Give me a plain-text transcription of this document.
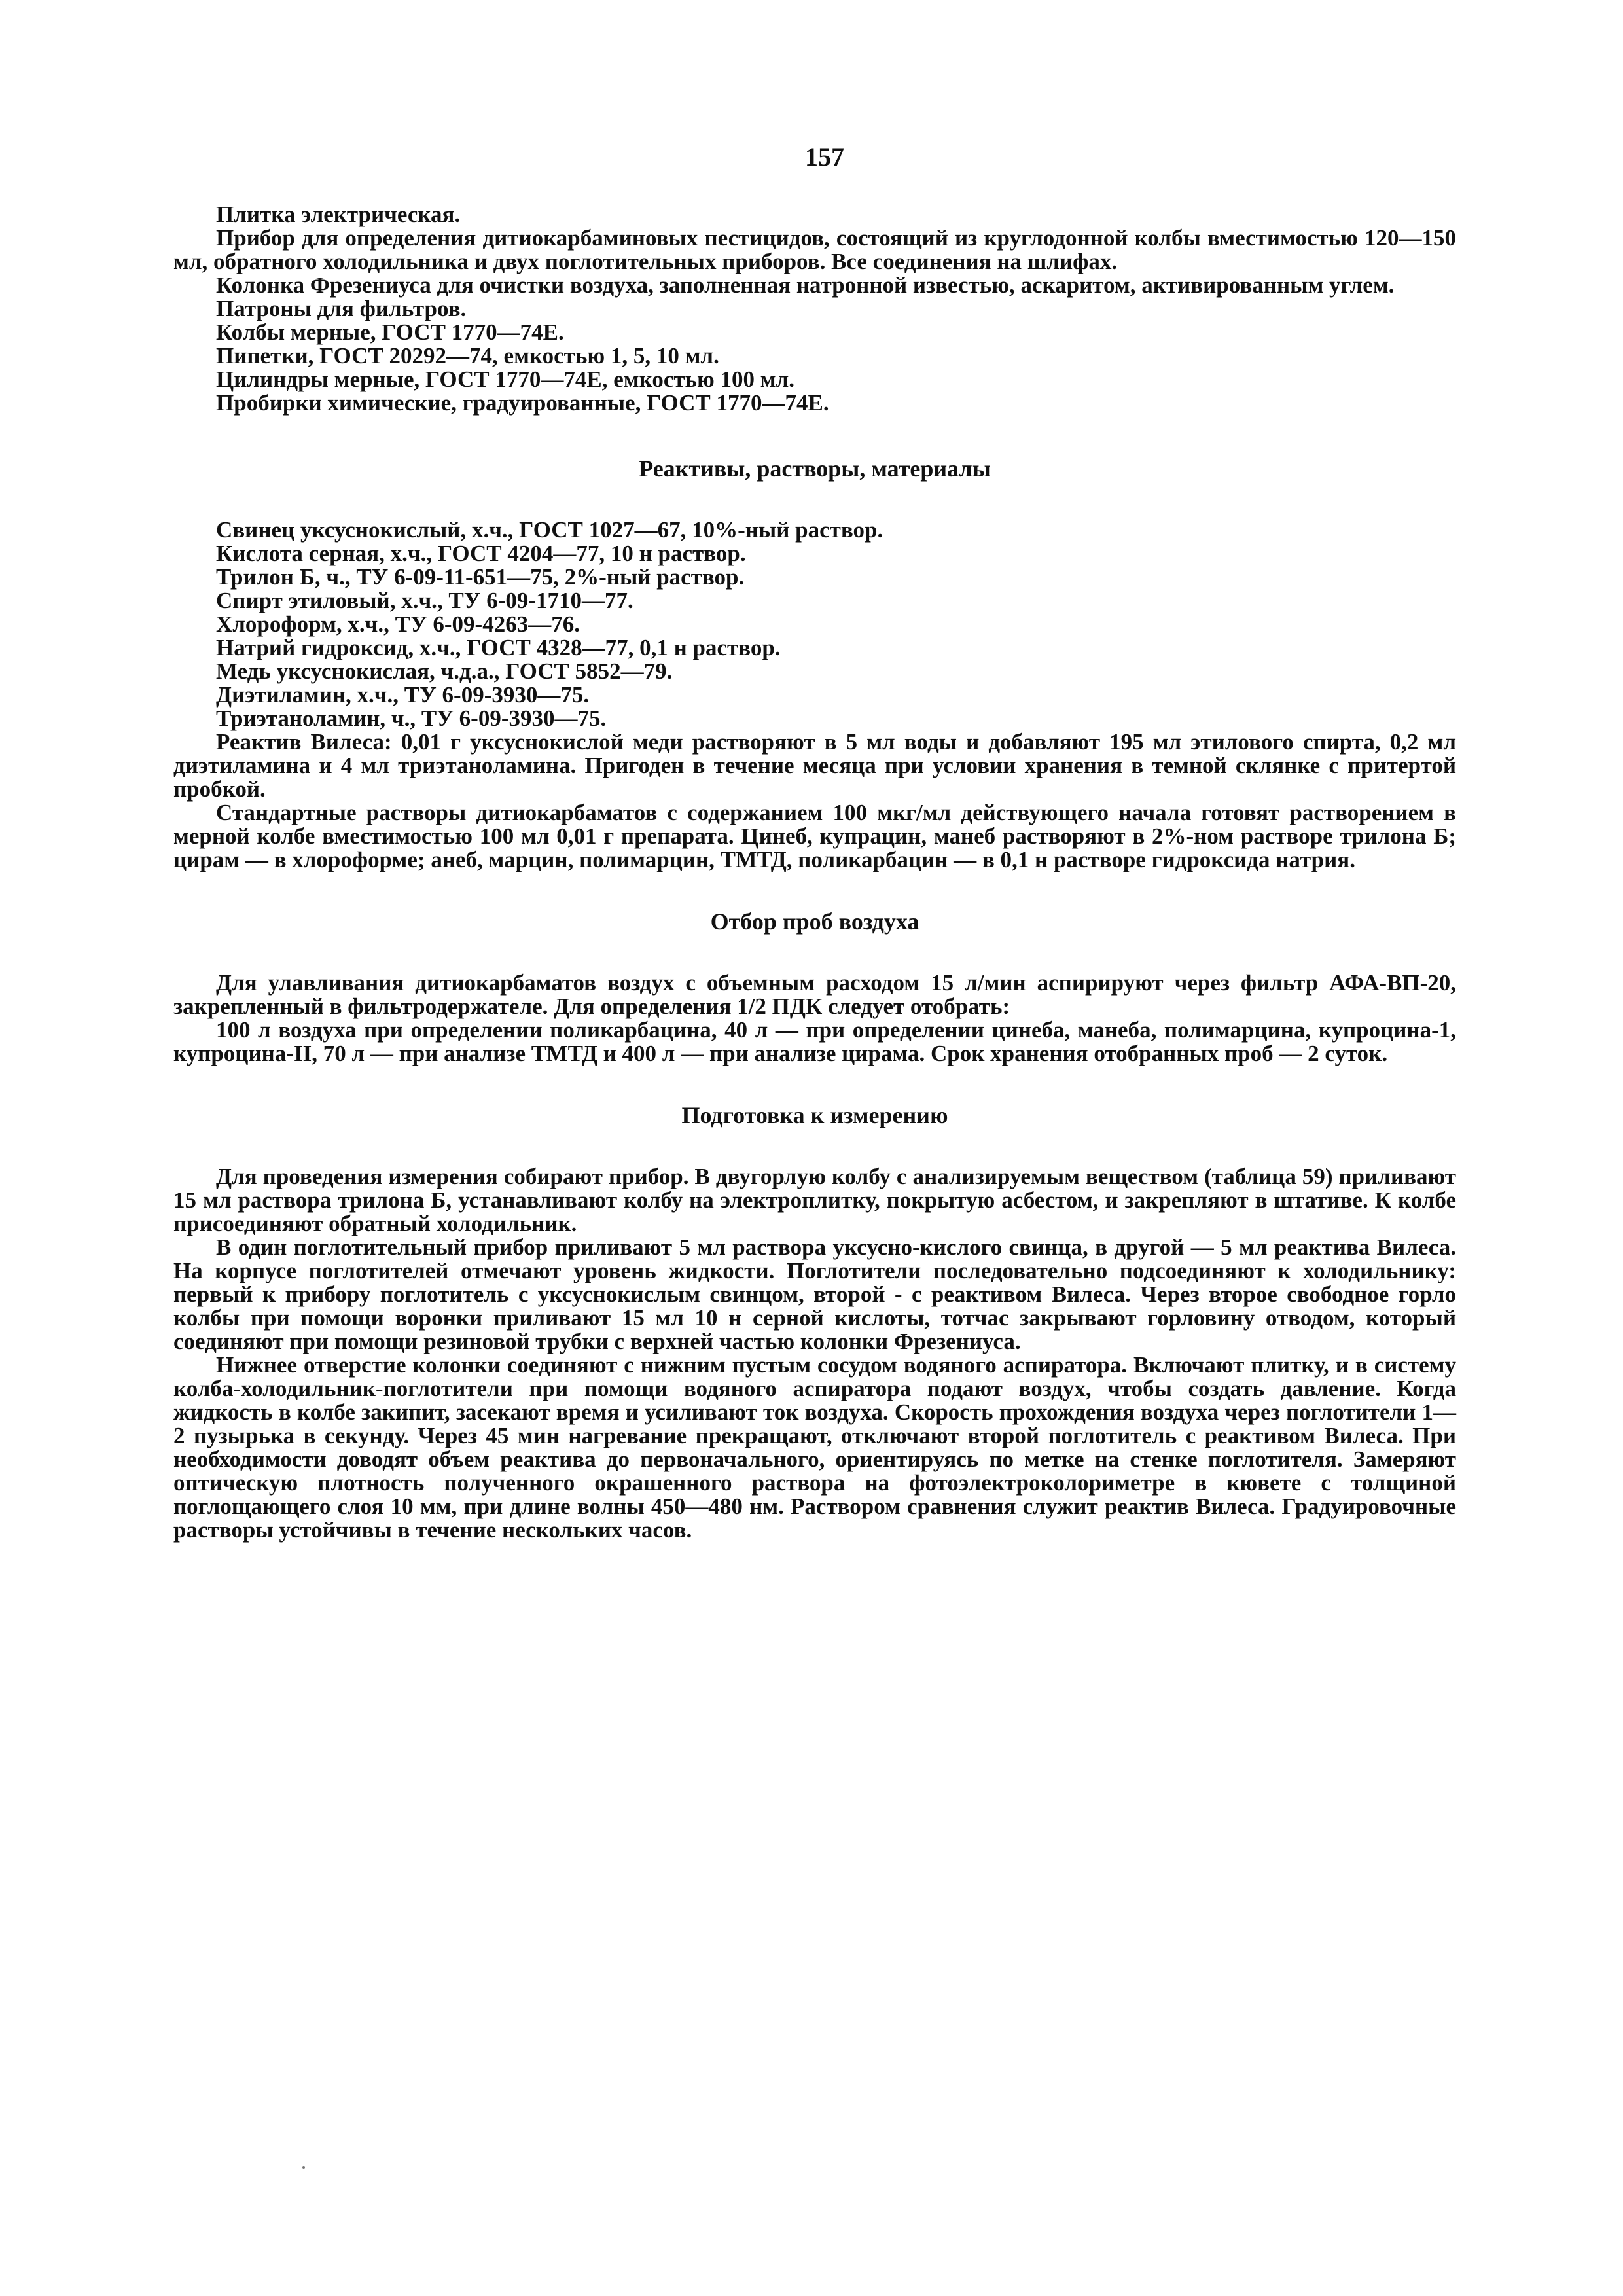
157

Плитка электрическая.

Прибор для определения дитиокарбаминовых пестицидов, состоящий из круглодонной колбы вместимостью 120—150 мл, обратного холодильника и двух поглотительных приборов. Все соединения на шлифах.

Колонка Фрезениуса для очистки воздуха, заполненная натронной известью, аскаритом, активированным углем.

Патроны для фильтров.

Колбы мерные, ГОСТ 1770—74Е.

Пипетки, ГОСТ 20292—74, емкостью 1, 5, 10 мл.

Цилиндры мерные, ГОСТ 1770—74Е, емкостью 100 мл.

Пробирки химические, градуированные, ГОСТ 1770—74Е.

Реактивы, растворы, материалы

Свинец уксуснокислый, х.ч., ГОСТ 1027—67, 10%-ный раствор.

Кислота серная, х.ч., ГОСТ 4204—77, 10 н раствор.

Трилон Б, ч., ТУ 6-09-11-651—75, 2%-ный раствор.

Спирт этиловый, х.ч., ТУ 6-09-1710—77.

Хлороформ, х.ч., ТУ 6-09-4263—76.

Натрий гидроксид, х.ч., ГОСТ 4328—77, 0,1 н раствор.

Медь уксуснокислая, ч.д.а., ГОСТ 5852—79.

Диэтиламин, х.ч., ТУ 6-09-3930—75.

Триэтаноламин, ч., ТУ 6-09-3930—75.

Реактив Вилеса: 0,01 г уксуснокислой меди растворяют в 5 мл воды и добавляют 195 мл этилового спирта, 0,2 мл диэтиламина и 4 мл триэтаноламина. Пригоден в течение месяца при условии хранения в темной склянке с притертой пробкой.

Стандартные растворы дитиокарбаматов с содержанием 100 мкг/мл действующего начала готовят растворением в мерной колбе вместимостью 100 мл 0,01 г препарата. Цинеб, купрацин, манеб растворяют в 2%-ном растворе трилона Б; цирам — в хлороформе; анеб, марцин, полимарцин, ТМТД, поликарбацин — в 0,1 н растворе гидроксида натрия.

Отбор проб воздуха

Для улавливания дитиокарбаматов воздух с объемным расходом 15 л/мин аспирируют через фильтр АФА-ВП-20, закрепленный в фильтродержателе. Для определения 1/2 ПДК следует отобрать:

100 л воздуха при определении поликарбацина, 40 л — при определении цинеба, манеба, полимарцина, купроцина-1, купроцина-II, 70 л — при анализе ТМТД и 400 л — при анализе цирама. Срок хранения отобранных проб — 2 суток.

Подготовка к измерению

Для проведения измерения собирают прибор. В двугорлую колбу с анализируемым веществом (таблица 59) приливают 15 мл раствора трилона Б, устанавливают колбу на электроплитку, покрытую асбестом, и закрепляют в штативе. К колбе присоединяют обратный холодильник.

В один поглотительный прибор приливают 5 мл раствора уксусно-кислого свинца, в другой — 5 мл реактива Вилеса. На корпусе поглотителей отмечают уровень жидкости. Поглотители последовательно подсоединяют к холодильнику: первый к прибору поглотитель с уксуснокислым свинцом, второй - с реактивом Вилеса. Через второе свободное горло колбы при помощи воронки приливают 15 мл 10 н серной кислоты, тотчас закрывают горловину отводом, который соединяют при помощи резиновой трубки с верхней частью колонки Фрезениуса.

Нижнее отверстие колонки соединяют с нижним пустым сосудом водяного аспиратора. Включают плитку, и в систему колба-холодильник-поглотители при помощи водяного аспиратора подают воздух, чтобы создать давление. Когда жидкость в колбе закипит, засекают время и усиливают ток воздуха. Скорость прохождения воздуха через поглотители 1—2 пузырька в секунду. Через 45 мин нагревание прекращают, отключают второй поглотитель с реактивом Вилеса. При необходимости доводят объем реактива до первоначального, ориентируясь по метке на стенке поглотителя. Замеряют оптическую плотность полученного окрашенного раствора на фотоэлектроколориметре в кювете с толщиной поглощающего слоя 10 мм, при длине волны 450—480 нм. Раствором сравнения служит реактив Вилеса. Градуировочные растворы устойчивы в течение нескольких часов.
